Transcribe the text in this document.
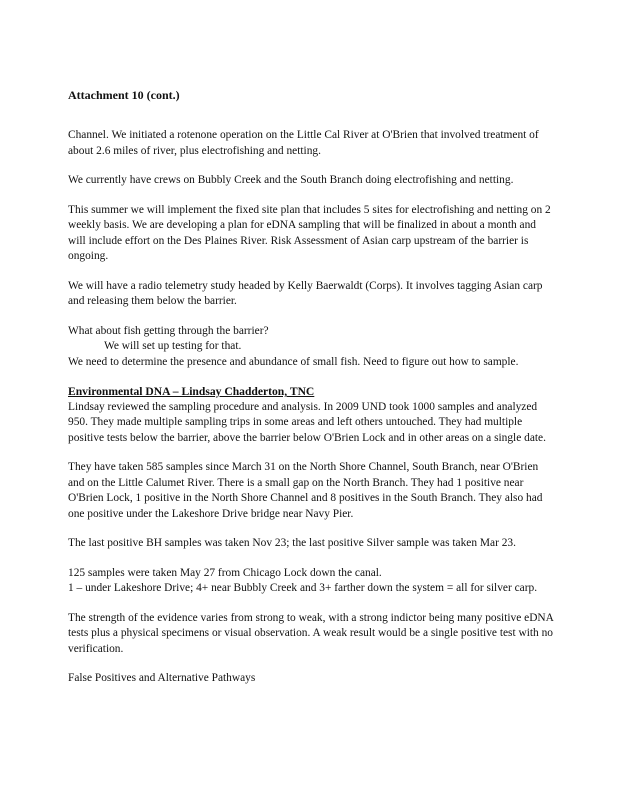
Attachment 10 (cont.)

Channel. We initiated a rotenone operation on the Little Cal River at O'Brien that involved treatment of about 2.6 miles of river, plus electrofishing and netting.

We currently have crews on Bubbly Creek and the South Branch doing electrofishing and netting.

This summer we will implement the fixed site plan that includes 5 sites for electrofishing and netting on 2 weekly basis. We are developing a plan for eDNA sampling that will be finalized in about a month and will include effort on the Des Plaines River. Risk Assessment of Asian carp upstream of the barrier is ongoing.

We will have a radio telemetry study headed by Kelly Baerwaldt (Corps). It involves tagging Asian carp and releasing them below the barrier.

What about fish getting through the barrier?

We will set up testing for that.

We need to determine the presence and abundance of small fish. Need to figure out how to sample.

Environmental DNA – Lindsay Chadderton, TNC

Lindsay reviewed the sampling procedure and analysis. In 2009 UND took 1000 samples and analyzed 950. They made multiple sampling trips in some areas and left others untouched. They had multiple positive tests below the barrier, above the barrier below O'Brien Lock and in other areas on a single date.

They have taken 585 samples since March 31 on the North Shore Channel, South Branch, near O'Brien and on the Little Calumet River. There is a small gap on the North Branch. They had 1 positive near O'Brien Lock, 1 positive in the North Shore Channel and 8 positives in the South Branch. They also had one positive under the Lakeshore Drive bridge near Navy Pier.

The last positive BH samples was taken Nov 23; the last positive Silver sample was taken Mar 23.

125 samples were taken May 27 from Chicago Lock down the canal.
1 – under Lakeshore Drive; 4+ near Bubbly Creek and 3+ farther down the system = all for silver carp.

The strength of the evidence varies from strong to weak, with a strong indictor being many positive eDNA tests plus a physical specimens or visual observation. A weak result would be a single positive test with no verification.

False Positives and Alternative Pathways
